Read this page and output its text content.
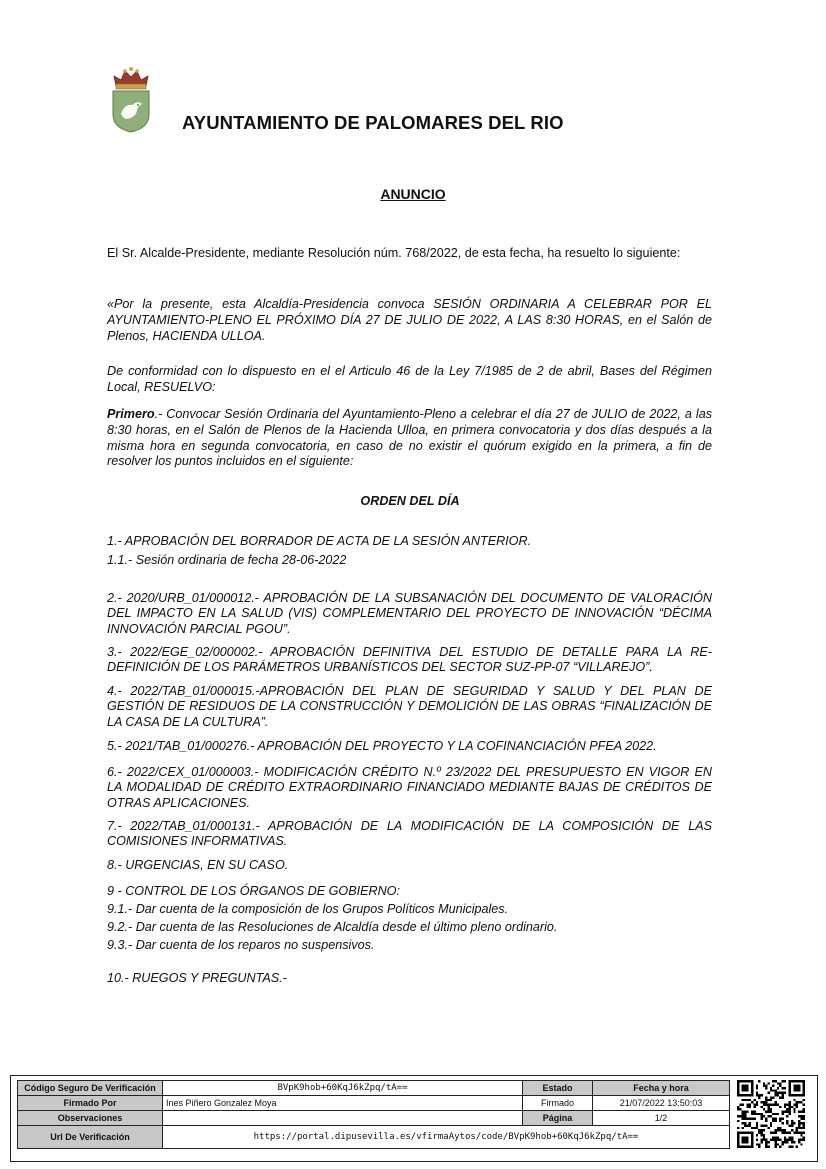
AYUNTAMIENTO DE PALOMARES DEL RIO
ANUNCIO
El Sr. Alcalde-Presidente, mediante Resolución núm. 768/2022, de esta fecha, ha resuelto lo siguiente:
«Por la presente, esta Alcaldía-Presidencia convoca SESIÓN ORDINARIA A CELEBRAR POR EL AYUNTAMIENTO-PLENO EL PRÓXIMO DÍA 27 DE JULIO DE 2022, A LAS 8:30 HORAS, en el Salón de Plenos, HACIENDA ULLOA.
De conformidad con lo dispuesto en el el Articulo 46 de la Ley 7/1985 de 2 de abril, Bases del Régimen Local, RESUELVO:
Primero.- Convocar Sesión Ordinaria del Ayuntamiento-Pleno a celebrar el día 27 de JULIO de 2022, a las 8:30 horas, en el Salón de Plenos de la Hacienda Ulloa, en primera convocatoria y dos días después a la misma hora en segunda convocatoria, en caso de no existir el quórum exigido en la primera, a fin de resolver los puntos incluidos en el siguiente:
ORDEN DEL DÍA
1.- APROBACIÓN DEL BORRADOR DE ACTA DE LA SESIÓN ANTERIOR.
1.1.- Sesión ordinaria de fecha 28-06-2022
2.- 2020/URB_01/000012.- APROBACIÓN DE LA SUBSANACIÓN DEL DOCUMENTO DE VALORACIÓN DEL IMPACTO EN LA SALUD (VIS) COMPLEMENTARIO DEL PROYECTO DE INNOVACIÓN “DÉCIMA INNOVACIÓN PARCIAL PGOU”.
3.- 2022/EGE_02/000002.- APROBACIÓN DEFINITIVA DEL ESTUDIO DE DETALLE PARA LA RE-DEFINICIÓN DE LOS PARÁMETROS URBANÍSTICOS DEL SECTOR SUZ-PP-07 “VILLAREJO”.
4.- 2022/TAB_01/000015.-APROBACIÓN DEL PLAN DE SEGURIDAD Y SALUD Y DEL PLAN DE GESTIÓN DE RESIDUOS DE LA CONSTRUCCIÓN Y DEMOLICIÓN DE LAS OBRAS “FINALIZACIÓN DE LA CASA DE LA CULTURA”.
5.- 2021/TAB_01/000276.- APROBACIÓN DEL PROYECTO Y LA COFINANCIACIÓN PFEA 2022.
6.- 2022/CEX_01/000003.- MODIFICACIÓN CRÉDITO N.º 23/2022 DEL PRESUPUESTO EN VIGOR EN LA MODALIDAD DE CRÉDITO EXTRAORDINARIO FINANCIADO MEDIANTE BAJAS DE CRÉDITOS DE OTRAS APLICACIONES.
7.- 2022/TAB_01/000131.- APROBACIÓN DE LA MODIFICACIÓN DE LA COMPOSICIÓN DE LAS COMISIONES INFORMATIVAS.
8.- URGENCIAS, EN SU CASO.
9 - CONTROL DE LOS ÓRGANOS DE GOBIERNO:
9.1.- Dar cuenta de la composición de los Grupos Políticos Municipales.
9.2.- Dar cuenta de las Resoluciones de Alcaldía desde el último pleno ordinario.
9.3.- Dar cuenta de los reparos no suspensivos.
10.- RUEGOS Y PREGUNTAS.-
Código Seguro De Verificación	BVpK9hob+60KqJ6kZpq/tA==	Estado	Fecha y hora
Firmado Por	Ines Piñero Gonzalez Moya	Firmado	21/07/2022 13:50:03
Observaciones		Página	1/2
Url De Verificación	https://portal.dipusevilla.es/vfirmaAytos/code/BVpK9hob+60KqJ6kZpq/tA==		
